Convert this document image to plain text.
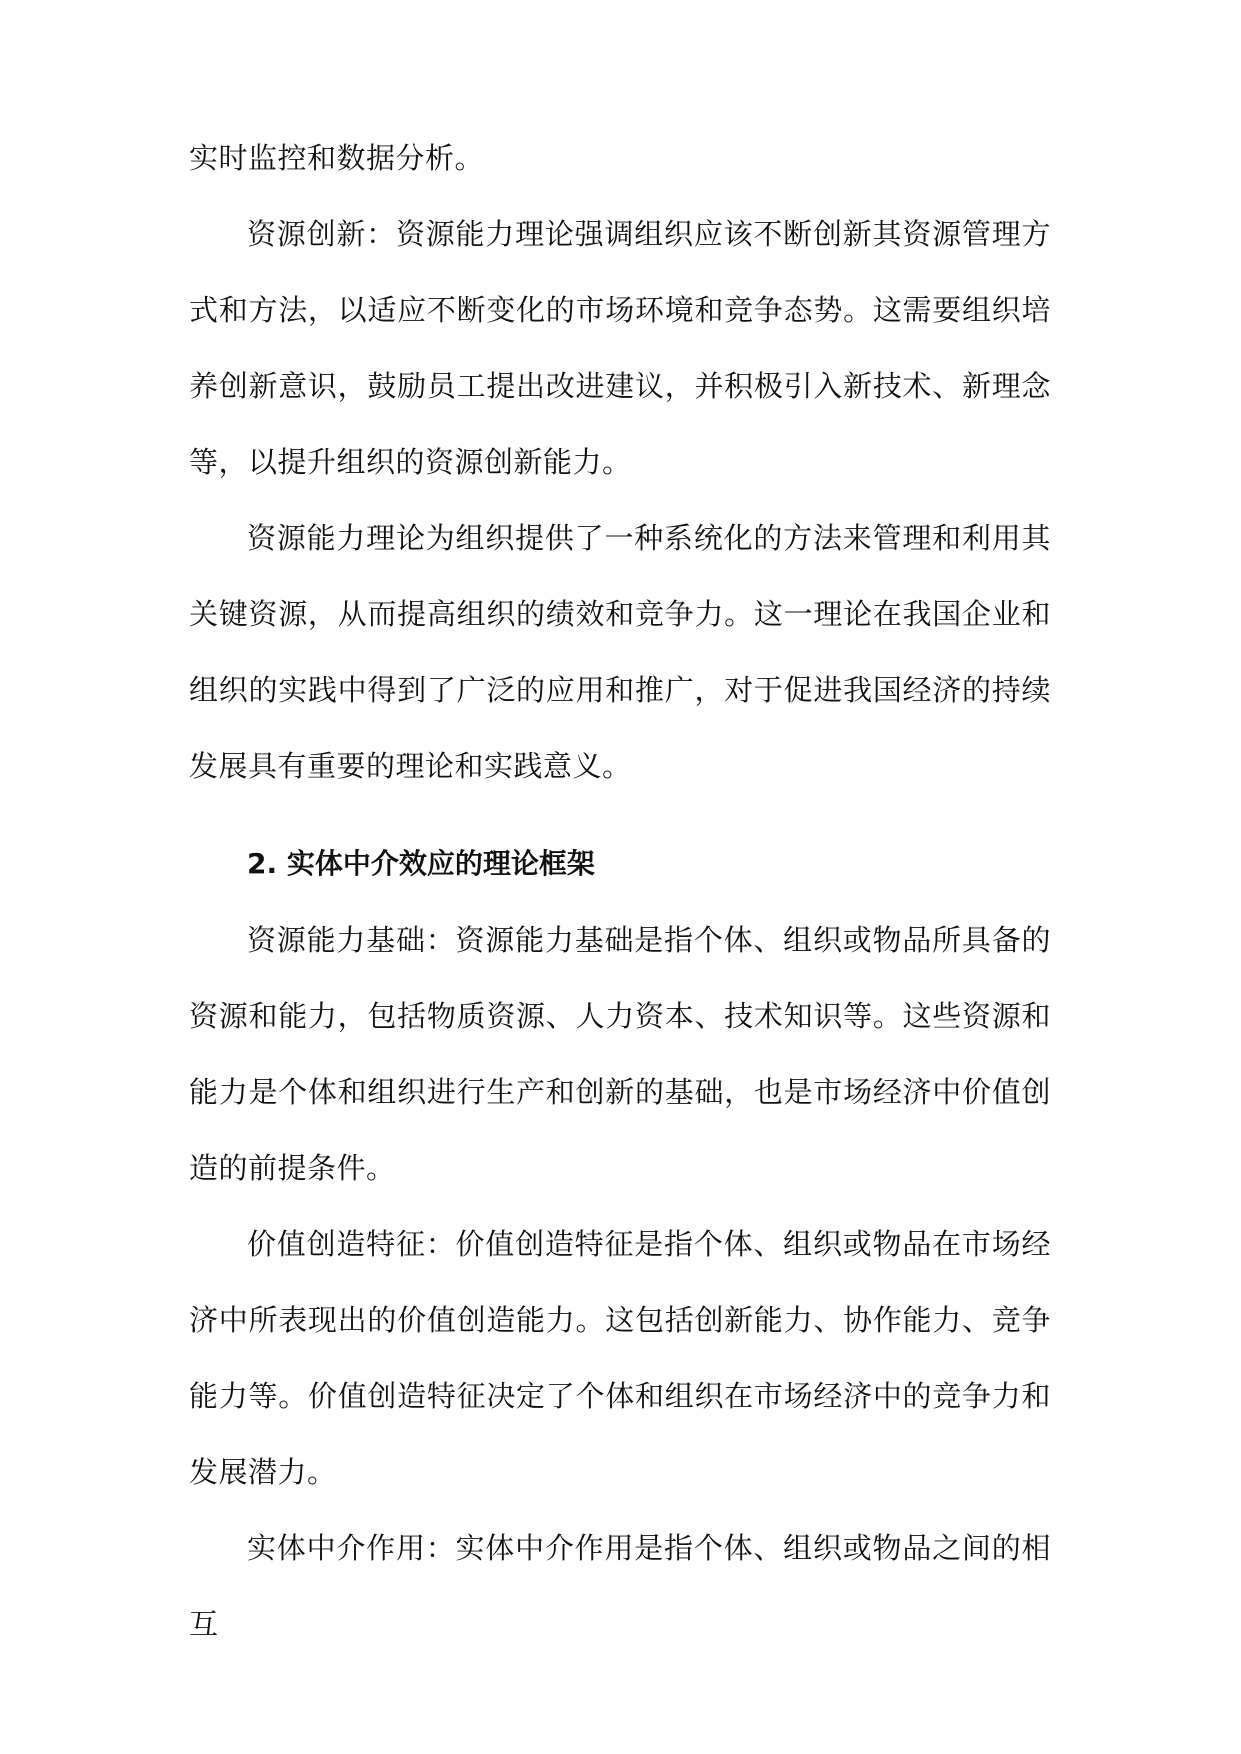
实时监控和数据分析。

资源创新：资源能力理论强调组织应该不断创新其资源管理方式和方法，以适应不断变化的市场环境和竞争态势。这需要组织培养创新意识，鼓励员工提出改进建议，并积极引入新技术、新理念等，以提升组织的资源创新能力。

资源能力理论为组织提供了一种系统化的方法来管理和利用其关键资源，从而提高组织的绩效和竞争力。这一理论在我国企业和组织的实践中得到了广泛的应用和推广，对于促进我国经济的持续发展具有重要的理论和实践意义。

2. 实体中介效应的理论框架

资源能力基础：资源能力基础是指个体、组织或物品所具备的资源和能力，包括物质资源、人力资本、技术知识等。这些资源和能力是个体和组织进行生产和创新的基础，也是市场经济中价值创造的前提条件。

价值创造特征：价值创造特征是指个体、组织或物品在市场经济中所表现出的价值创造能力。这包括创新能力、协作能力、竞争能力等。价值创造特征决定了个体和组织在市场经济中的竞争力和发展潜力。

实体中介作用：实体中介作用是指个体、组织或物品之间的相互
